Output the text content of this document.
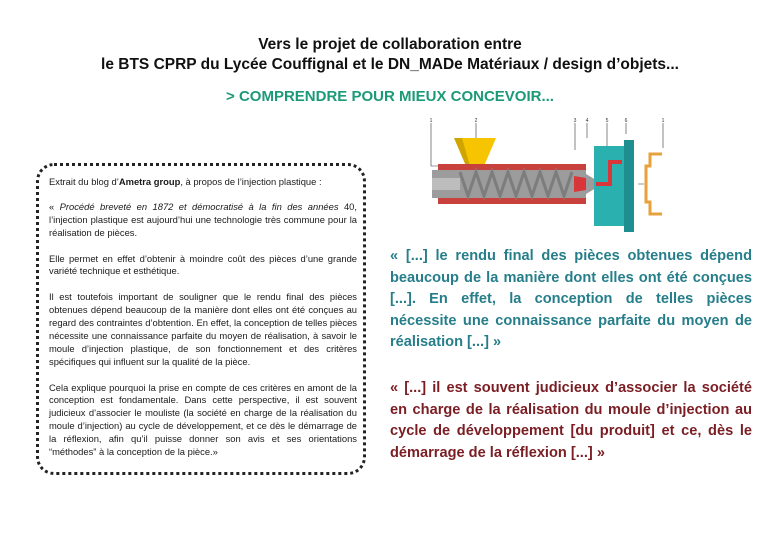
Vers le projet de collaboration entre
le BTS CPRP du Lycée Couffignal et le DN_MADe Matériaux / design d’objets...
> COMPRENDRE POUR MIEUX CONCEVOIR...

Extrait du blog d’Ametra group, à propos de l’injection plastique :

« Procédé breveté en 1872 et démocratisé à la fin des années 40, l’injection plastique est aujourd’hui une technologie très commune pour la réalisation de pièces.

Elle permet en effet d’obtenir à moindre coût des pièces d’une grande variété technique et esthétique.

Il est toutefois important de souligner que le rendu final des pièces obtenues dépend beaucoup de la manière dont elles ont été conçues au regard des contraintes d’obtention. En effet, la conception de telles pièces nécessite une connaissance parfaite du moyen de réalisation, à savoir le moule d’injection plastique, de son fonctionnement et des critères spécifiques qui influent sur la qualité de la pièce.

Cela explique pourquoi la prise en compte de ces critères en amont de la conception est fondamentale. Dans cette perspective, il est souvent judicieux d’associer le mouliste (la société en charge de la réalisation du moule d’injection) au cycle de développement, et ce dès le démarrage de la réflexion, afin qu’il puisse donner son avis et ses orientations “méthodes” à la conception de la pièce.»

1	2	3 4	5	6	1
« [...] le rendu final des pièces obtenues dépend beaucoup de la manière dont elles ont été conçues [...]. En effet, la conception de telles pièces nécessite une connaissance parfaite du moyen de réalisation [...] »
« [...] il est souvent judicieux d’associer la société en charge de la réalisation du moule d’injection au cycle de développement [du produit] et ce, dès le démarrage de la réflexion [...] »
